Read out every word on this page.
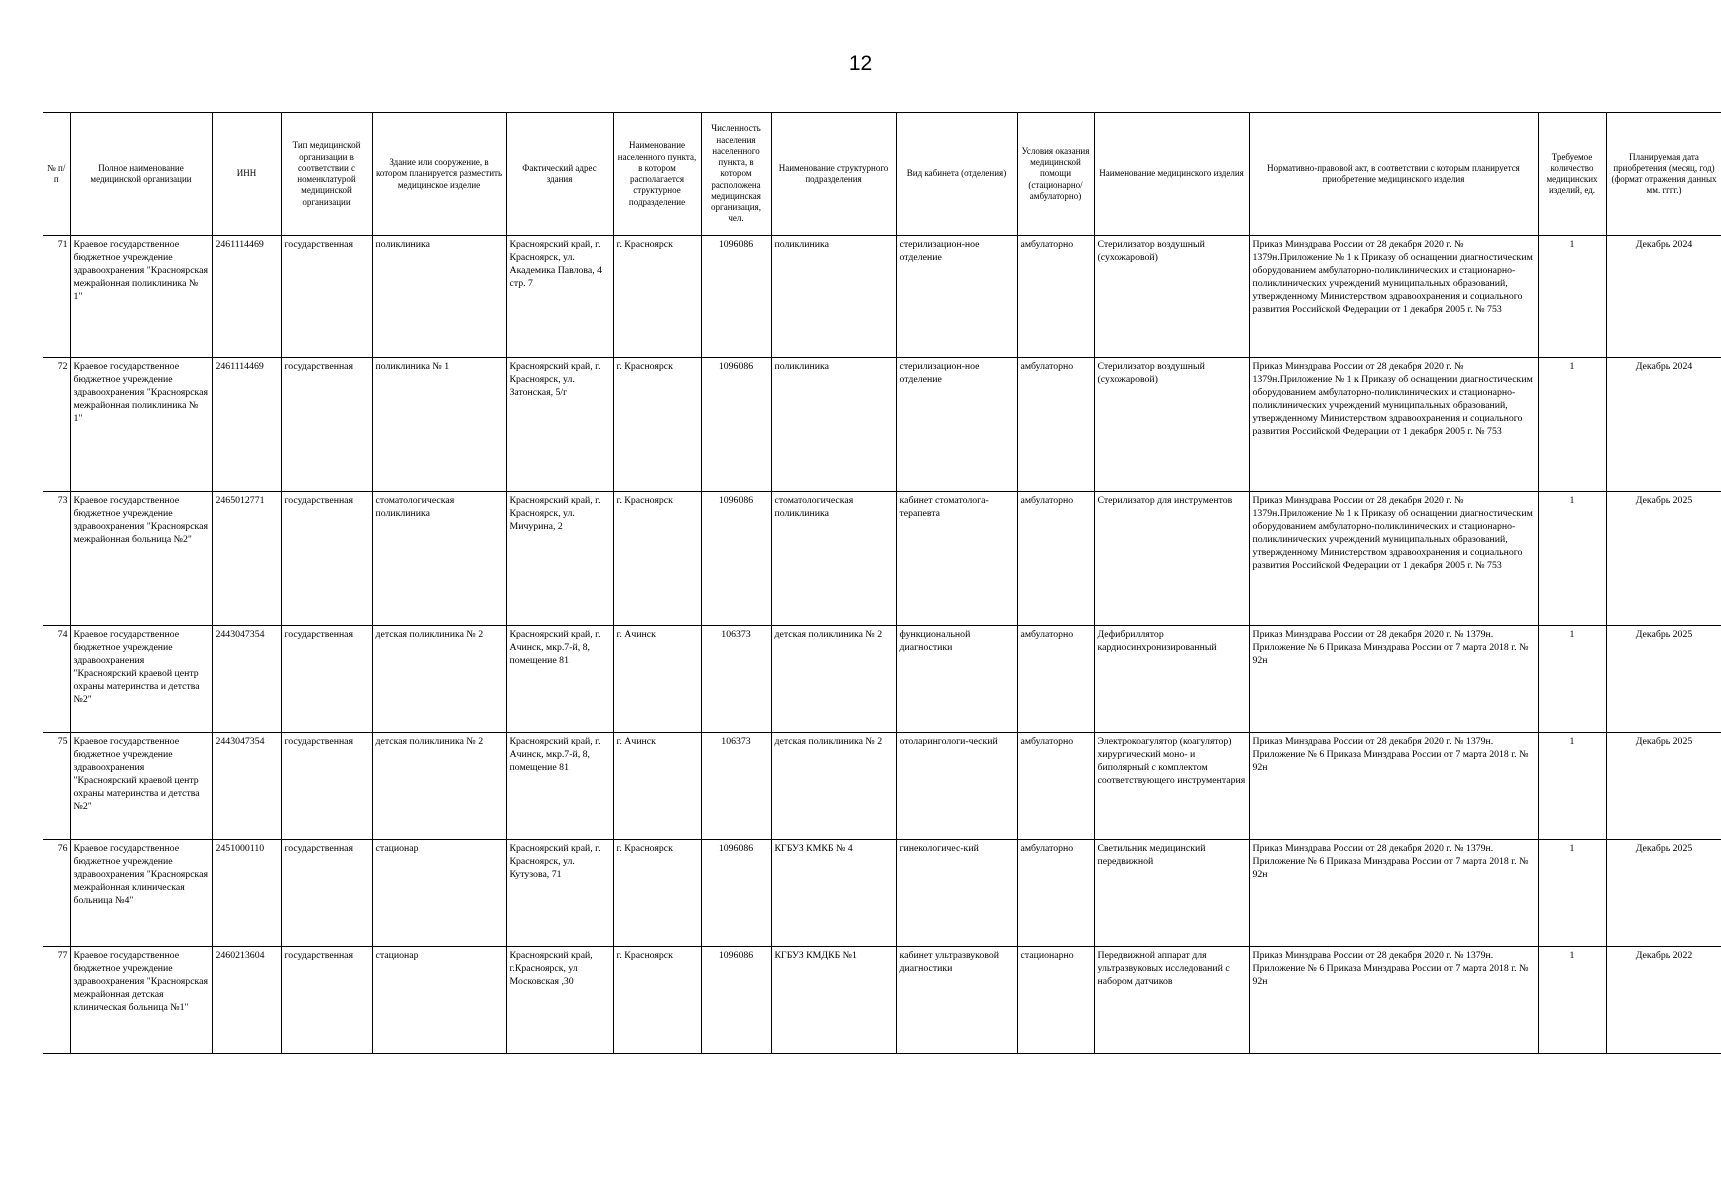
12
№ п/п	Полное наименование медицинской организации	ИНН	Тип медицинской организации в соответствии с номенклатурой медицинской организации	Здание или сооружение, в котором планируется разместить медицинское изделие	Фактический адрес здания	Наименование населенного пункта, в котором располагается структурное подразделение	Численность населения населенного пункта, в котором расположена медицинская организация, чел.	Наименование структурного подразделения	Вид кабинета (отделения)	Условия оказания медицинской помощи (стационарно/ амбулаторно)	Наименование медицинского изделия	Нормативно-правовой акт, в соответствии с которым планируется приобретение медицинского изделия	Требуемое количество медицинских изделий, ед.	Планируемая дата приобретения (месяц, год) (формат отражения данных мм. гггг.)
71	Краевое государственное бюджетное учреждение здравоохранения "Красноярская межрайонная поликлиника № 1"	2461114469	государственная	поликлиника	Красноярский край, г. Красноярск, ул. Академика Павлова, 4 стр. 7	г. Красноярск	1096086	поликлиника	стерилизацион-ное отделение	амбулаторно	Стерилизатор воздушный (сухожаровой)	Приказ Минздрава России от 28 декабря 2020 г. № 1379н.Приложение № 1 к Приказу об оснащении диагностическим оборудованием амбулаторно-поликлинических и стационарно-поликлинических учреждений муниципальных образований, утвержденному Министерством здравоохранения и социального развития Российской Федерации от 1 декабря 2005 г. № 753	1	Декабрь 2024
72	Краевое государственное бюджетное учреждение здравоохранения "Красноярская межрайонная поликлиника № 1"	2461114469	государственная	поликлиника № 1	Красноярский край, г. Красноярск, ул. Затонская, 5/г	г. Красноярск	1096086	поликлиника	стерилизацион-ное отделение	амбулаторно	Стерилизатор воздушный (сухожаровой)	Приказ Минздрава России от 28 декабря 2020 г. № 1379н.Приложение № 1 к Приказу об оснащении диагностическим оборудованием амбулаторно-поликлинических и стационарно-поликлинических учреждений муниципальных образований, утвержденному Министерством здравоохранения и социального развития Российской Федерации от 1 декабря 2005 г. № 753	1	Декабрь 2024
73	Краевое государственное бюджетное учреждение здравоохранения "Красноярская межрайонная больница №2"	2465012771	государственная	стоматологическая поликлиника	Красноярский край, г. Красноярск, ул. Мичурина, 2	г. Красноярск	1096086	стоматологическая поликлиника	кабинет стоматолога-терапевта	амбулаторно	Стерилизатор для инструментов	Приказ Минздрава России от 28 декабря 2020 г. № 1379н.Приложение № 1 к Приказу об оснащении диагностическим оборудованием амбулаторно-поликлинических и стационарно-поликлинических учреждений муниципальных образований, утвержденному Министерством здравоохранения и социального развития Российской Федерации от 1 декабря 2005 г. № 753	1	Декабрь 2025
74	Краевое государственное бюджетное учреждение здравоохранения "Красноярский краевой центр охраны материнства и детства №2"	2443047354	государственная	детская поликлиника № 2	Красноярский край, г. Ачинск, мкр.7-й, 8, помещение 81	г. Ачинск	106373	детская поликлиника № 2	функциональной диагностики	амбулаторно	Дефибриллятор кардиосинхронизированный	Приказ Минздрава России от 28 декабря 2020 г. № 1379н. Приложение № 6 Приказа Минздрава России от 7 марта 2018 г. № 92н	1	Декабрь 2025
75	Краевое государственное бюджетное учреждение здравоохранения "Красноярский краевой центр охраны материнства и детства №2"	2443047354	государственная	детская поликлиника № 2	Красноярский край, г. Ачинск, мкр.7-й, 8, помещение 81	г. Ачинск	106373	детская поликлиника № 2	отоларингологи-ческий	амбулаторно	Электрокоагулятор (коагулятор) хирургический моно- и биполярный с комплектом соответствующего инструментария	Приказ Минздрава России от 28 декабря 2020 г. № 1379н. Приложение № 6 Приказа Минздрава России от 7 марта 2018 г. № 92н	1	Декабрь 2025
76	Краевое государственное бюджетное учреждение здравоохранения "Красноярская межрайонная клиническая больница №4"	2451000110	государственная	стационар	Красноярский край, г. Красноярск, ул. Кутузова, 71	г. Красноярск	1096086	КГБУЗ КМКБ № 4	гинекологичес-кий	амбулаторно	Светильник медицинский передвижной	Приказ Минздрава России от 28 декабря 2020 г. № 1379н. Приложение № 6 Приказа Минздрава России от 7 марта 2018 г. № 92н	1	Декабрь 2025
77	Краевое государственное бюджетное учреждение здравоохранения "Красноярская межрайонная детская клиническая больница №1"	2460213604	государственная	стационар	Красноярский край, г.Красноярск, ул Московская ,30	г. Красноярск	1096086	КГБУЗ КМДКБ №1	кабинет ультразвуковой диагностики	стационарно	Передвижной аппарат для ультразвуковых исследований с набором датчиков	Приказ Минздрава России от 28 декабря 2020 г. № 1379н. Приложение № 6 Приказа Минздрава России от 7 марта 2018 г. № 92н	1	Декабрь 2022
